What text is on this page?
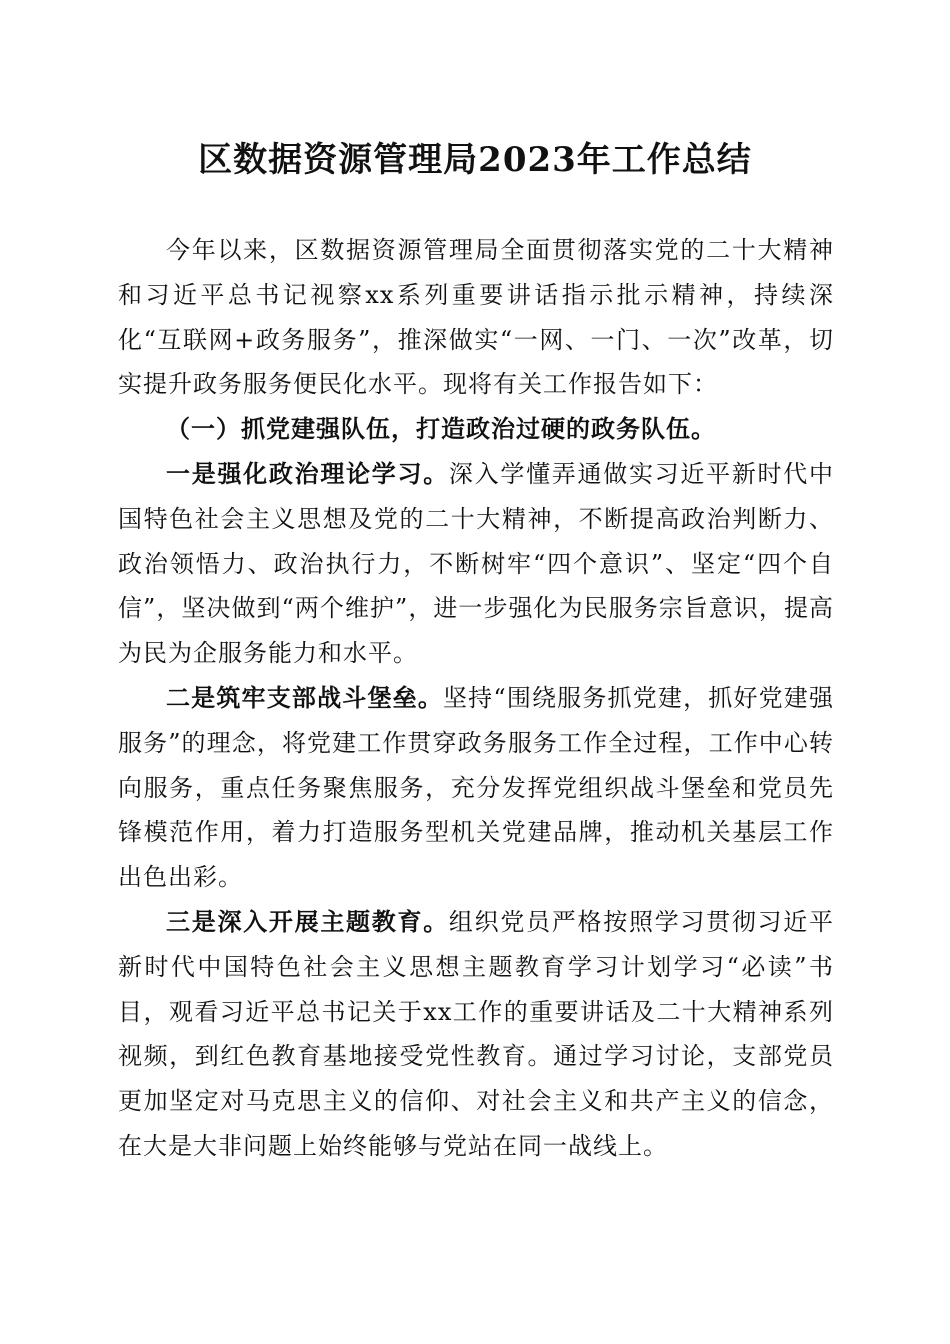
区数据资源管理局2023年工作总结

今年以来，区数据资源管理局全面贯彻落实党的二十大精神和习近平总书记视察xx系列重要讲话指示批示精神，持续深化“互联网+政务服务”，推深做实“一网、一门、一次”改革，切实提升政务服务便民化水平。现将有关工作报告如下：

（一）抓党建强队伍，打造政治过硬的政务队伍。

一是强化政治理论学习。深入学懂弄通做实习近平新时代中国特色社会主义思想及党的二十大精神，不断提高政治判断力、政治领悟力、政治执行力，不断树牢“四个意识”、坚定“四个自信”，坚决做到“两个维护”，进一步强化为民服务宗旨意识，提高为民为企服务能力和水平。

二是筑牢支部战斗堡垒。坚持“围绕服务抓党建，抓好党建强服务”的理念，将党建工作贯穿政务服务工作全过程，工作中心转向服务，重点任务聚焦服务，充分发挥党组织战斗堡垒和党员先锋模范作用，着力打造服务型机关党建品牌，推动机关基层工作出色出彩。

三是深入开展主题教育。组织党员严格按照学习贯彻习近平新时代中国特色社会主义思想主题教育学习计划学习“必读”书目，观看习近平总书记关于xx工作的重要讲话及二十大精神系列视频，到红色教育基地接受党性教育。通过学习讨论，支部党员更加坚定对马克思主义的信仰、对社会主义和共产主义的信念，在大是大非问题上始终能够与党站在同一战线上。
